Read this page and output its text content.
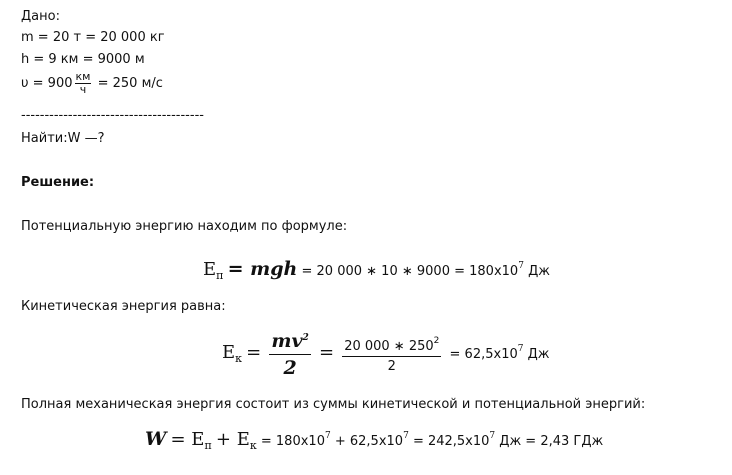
Дано:
m = 20 т = 20 000 кг
h = 9 км = 9000 м
$\upsilon = 900 \frac{км}{ч} = 250$ м/с
---------------------------------------
Найти:W —?
Решение:
Потенциальную энергию находим по формуле:
$E_п$ = mgh = 20 000 ∗ 10 ∗ $9000 = 180x10^7$ Дж
Кинетическая энергия равна:
$E_к = \frac{mv^2}{2} = \frac{20 000 ∗ 250^2}{2} = 62,5x10^7$ Дж
Полная механическая энергия состоит из суммы кинетической и потенциальной энергий:
$W = E_п + E_к = 180x10^7 + 62,5x10^7 = 242,5x10^7$ Дж = 2,43 ГДж
